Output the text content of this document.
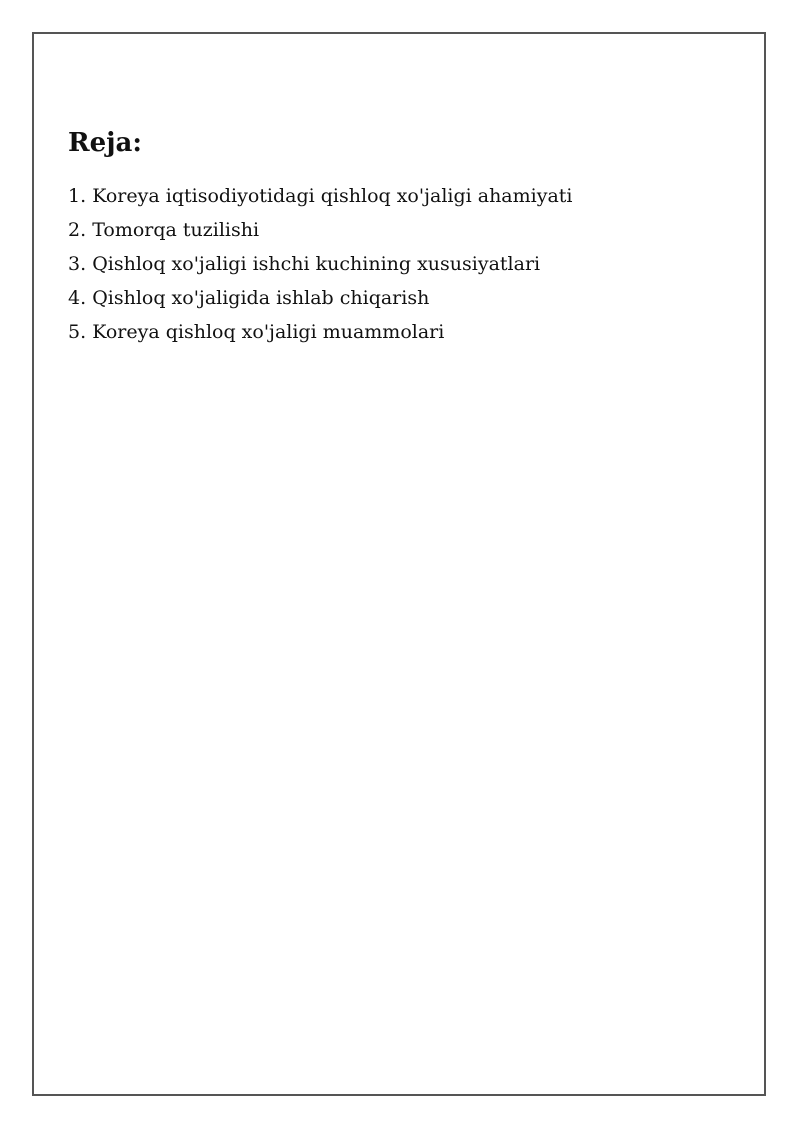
Reja:
1. Koreya iqtisodiyotidagi qishloq xo'jaligi ahamiyati
2. Tomorqa tuzilishi
3. Qishloq xo'jaligi ishchi kuchining xususiyatlari
4. Qishloq xo'jaligida ishlab chiqarish
5. Koreya qishloq xo'jaligi muammolari
